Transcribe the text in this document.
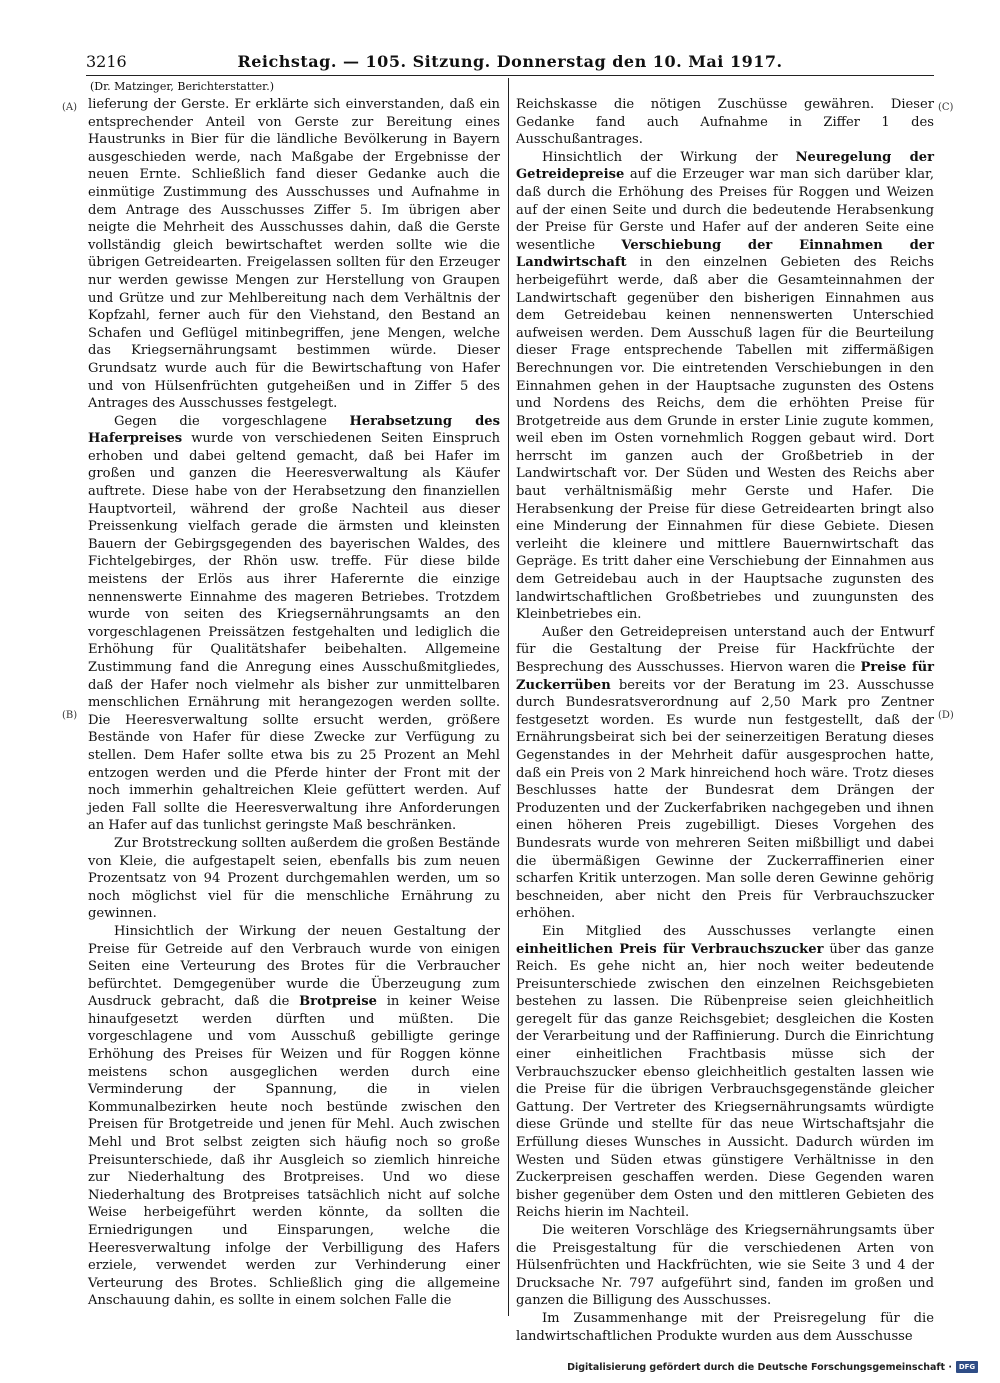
3216	Reichstag. — 105. Sitzung. Donnerstag den 10. Mai 1917.
(Dr. Matzinger, Berichterstatter.)
(A)
(B)
(C)
(D)

lieferung der Gerste. Er erklärte sich einverstanden, daß ein entsprechender Anteil von Gerste zur Bereitung eines Haustrunks in Bier für die ländliche Bevölkerung in Bayern ausgeschieden werde, nach Maßgabe der Ergebnisse der neuen Ernte. Schließlich fand dieser Gedanke auch die einmütige Zustimmung des Ausschusses und Aufnahme in dem Antrage des Ausschusses Ziffer 5. Im übrigen aber neigte die Mehrheit des Ausschusses dahin, daß die Gerste vollständig gleich bewirtschaftet werden sollte wie die übrigen Getreidearten. Freigelassen sollten für den Erzeuger nur werden gewisse Mengen zur Herstellung von Graupen und Grütze und zur Mehlbereitung nach dem Verhältnis der Kopfzahl, ferner auch für den Viehstand, den Bestand an Schafen und Geflügel mitinbegriffen, jene Mengen, welche das Kriegsernährungsamt bestimmen würde. Dieser Grundsatz wurde auch für die Bewirtschaftung von Hafer und von Hülsenfrüchten gutgeheißen und in Ziffer 5 des Antrages des Ausschusses festgelegt.

Gegen die vorgeschlagene Herabsetzung des Haferpreises wurde von verschiedenen Seiten Einspruch erhoben und dabei geltend gemacht, daß bei Hafer im großen und ganzen die Heeresverwaltung als Käufer auftrete. Diese habe von der Herabsetzung den finanziellen Hauptvorteil, während der große Nachteil aus dieser Preissenkung vielfach gerade die ärmsten und kleinsten Bauern der Gebirgsgegenden des bayerischen Waldes, des Fichtelgebirges, der Rhön usw. treffe. Für diese bilde meistens der Erlös aus ihrer Haferernte die einzige nennenswerte Einnahme des mageren Betriebes. Trotzdem wurde von seiten des Kriegsernährungsamts an den vorgeschlagenen Preissätzen festgehalten und lediglich die Erhöhung für Qualitätshafer beibehalten. Allgemeine Zustimmung fand die Anregung eines Ausschußmitgliedes, daß der Hafer noch vielmehr als bisher zur unmittelbaren menschlichen Ernährung mit herangezogen werden sollte. Die Heeresverwaltung sollte ersucht werden, größere Bestände von Hafer für diese Zwecke zur Verfügung zu stellen. Dem Hafer sollte etwa bis zu 25 Prozent an Mehl entzogen werden und die Pferde hinter der Front mit der noch immerhin gehaltreichen Kleie gefüttert werden. Auf jeden Fall sollte die Heeresverwaltung ihre Anforderungen an Hafer auf das tunlichst geringste Maß beschränken.

Zur Brotstreckung sollten außerdem die großen Bestände von Kleie, die aufgestapelt seien, ebenfalls bis zum neuen Prozentsatz von 94 Prozent durchgemahlen werden, um so noch möglichst viel für die menschliche Ernährung zu gewinnen.

Hinsichtlich der Wirkung der neuen Gestaltung der Preise für Getreide auf den Verbrauch wurde von einigen Seiten eine Verteurung des Brotes für die Verbraucher befürchtet. Demgegenüber wurde die Überzeugung zum Ausdruck gebracht, daß die Brotpreise in keiner Weise hinaufgesetzt werden dürften und müßten. Die vorgeschlagene und vom Ausschuß gebilligte geringe Erhöhung des Preises für Weizen und für Roggen könne meistens schon ausgeglichen werden durch eine Verminderung der Spannung, die in vielen Kommunalbezirken heute noch bestünde zwischen den Preisen für Brotgetreide und jenen für Mehl. Auch zwischen Mehl und Brot selbst zeigten sich häufig noch so große Preisunterschiede, daß ihr Ausgleich so ziemlich hinreiche zur Niederhaltung des Brotpreises. Und wo diese Niederhaltung des Brotpreises tatsächlich nicht auf solche Weise herbeigeführt werden könnte, da sollten die Erniedrigungen und Einsparungen, welche die Heeresverwaltung infolge der Verbilligung des Hafers erziele, verwendet werden zur Verhinderung einer Verteurung des Brotes. Schließlich ging die allgemeine Anschauung dahin, es sollte in einem solchen Falle die

Reichskasse die nötigen Zuschüsse gewähren. Dieser Gedanke fand auch Aufnahme in Ziffer 1 des Ausschußantrages.

Hinsichtlich der Wirkung der Neuregelung der Getreidepreise auf die Erzeuger war man sich darüber klar, daß durch die Erhöhung des Preises für Roggen und Weizen auf der einen Seite und durch die bedeutende Herabsenkung der Preise für Gerste und Hafer auf der anderen Seite eine wesentliche Verschiebung der Einnahmen der Landwirtschaft in den einzelnen Gebieten des Reichs herbeigeführt werde, daß aber die Gesamteinnahmen der Landwirtschaft gegenüber den bisherigen Einnahmen aus dem Getreidebau keinen nennenswerten Unterschied aufweisen werden. Dem Ausschuß lagen für die Beurteilung dieser Frage entsprechende Tabellen mit ziffermäßigen Berechnungen vor. Die eintretenden Verschiebungen in den Einnahmen gehen in der Hauptsache zugunsten des Ostens und Nordens des Reichs, dem die erhöhten Preise für Brotgetreide aus dem Grunde in erster Linie zugute kommen, weil eben im Osten vornehmlich Roggen gebaut wird. Dort herrscht im ganzen auch der Großbetrieb in der Landwirtschaft vor. Der Süden und Westen des Reichs aber baut verhältnismäßig mehr Gerste und Hafer. Die Herabsenkung der Preise für diese Getreidearten bringt also eine Minderung der Einnahmen für diese Gebiete. Diesen verleiht die kleinere und mittlere Bauernwirtschaft das Gepräge. Es tritt daher eine Verschiebung der Einnahmen aus dem Getreidebau auch in der Hauptsache zugunsten des landwirtschaftlichen Großbetriebes und zuungunsten des Kleinbetriebes ein.

Außer den Getreidepreisen unterstand auch der Entwurf für die Gestaltung der Preise für Hackfrüchte der Besprechung des Ausschusses. Hiervon waren die Preise für Zuckerrüben bereits vor der Beratung im 23. Ausschusse durch Bundesratsverordnung auf 2,50 Mark pro Zentner festgesetzt worden. Es wurde nun festgestellt, daß der Ernährungsbeirat sich bei der seinerzeitigen Beratung dieses Gegenstandes in der Mehrheit dafür ausgesprochen hatte, daß ein Preis von 2 Mark hinreichend hoch wäre. Trotz dieses Beschlusses hatte der Bundesrat dem Drängen der Produzenten und der Zuckerfabriken nachgegeben und ihnen einen höheren Preis zugebilligt. Dieses Vorgehen des Bundesrats wurde von mehreren Seiten mißbilligt und dabei die übermäßigen Gewinne der Zuckerraffinerien einer scharfen Kritik unterzogen. Man solle deren Gewinne gehörig beschneiden, aber nicht den Preis für Verbrauchszucker erhöhen.

Ein Mitglied des Ausschusses verlangte einen einheitlichen Preis für Verbrauchszucker über das ganze Reich. Es gehe nicht an, hier noch weiter bedeutende Preisunterschiede zwischen den einzelnen Reichsgebieten bestehen zu lassen. Die Rübenpreise seien gleichheitlich geregelt für das ganze Reichsgebiet; desgleichen die Kosten der Verarbeitung und der Raffinierung. Durch die Einrichtung einer einheitlichen Frachtbasis müsse sich der Verbrauchszucker ebenso gleichheitlich gestalten lassen wie die Preise für die übrigen Verbrauchsgegenstände gleicher Gattung. Der Vertreter des Kriegsernährungsamts würdigte diese Gründe und stellte für das neue Wirtschaftsjahr die Erfüllung dieses Wunsches in Aussicht. Dadurch würden im Westen und Süden etwas günstigere Verhältnisse in den Zuckerpreisen geschaffen werden. Diese Gegenden waren bisher gegenüber dem Osten und den mittleren Gebieten des Reichs hierin im Nachteil.

Die weiteren Vorschläge des Kriegsernährungsamts über die Preisgestaltung für die verschiedenen Arten von Hülsenfrüchten und Hackfrüchten, wie sie Seite 3 und 4 der Drucksache Nr. 797 aufgeführt sind, fanden im großen und ganzen die Billigung des Ausschusses.

Im Zusammenhange mit der Preisregelung für die landwirtschaftlichen Produkte wurden aus dem Ausschusse

Digitalisierung gefördert durch die Deutsche Forschungsgemeinschaft · DFG
